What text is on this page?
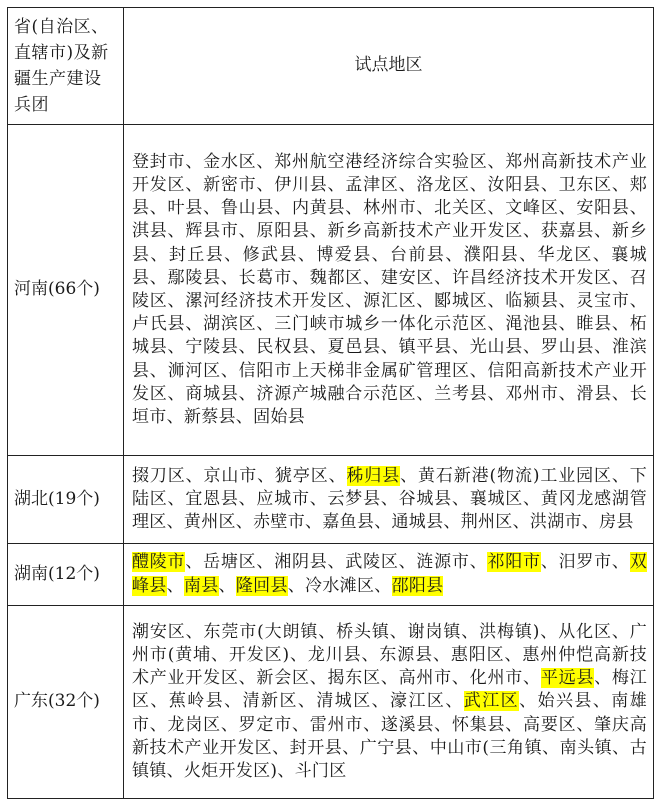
省(自治区、直辖市)及新疆生产建设兵团	试点地区
河南(66个)	登封市、金水区、郑州航空港经济综合实验区、郑州高新技术产业开发区、新密市、伊川县、孟津区、洛龙区、汝阳县、卫东区、郏县、叶县、鲁山县、内黄县、林州市、北关区、文峰区、安阳县、淇县、辉县市、原阳县、新乡高新技术产业开发区、获嘉县、新乡县、封丘县、修武县、博爱县、台前县、濮阳县、华龙区、襄城县、鄢陵县、长葛市、魏都区、建安区、许昌经济技术开发区、召陵区、漯河经济技术开发区、源汇区、郾城区、临颍县、灵宝市、卢氏县、湖滨区、三门峡市城乡一体化示范区、渑池县、睢县、柘城县、宁陵县、民权县、夏邑县、镇平县、光山县、罗山县、淮滨县、浉河区、信阳市上天梯非金属矿管理区、信阳高新技术产业开发区、商城县、济源产城融合示范区、兰考县、邓州市、滑县、长垣市、新蔡县、固始县
湖北(19个)	掇刀区、京山市、猇亭区、秭归县、黄石新港(物流)工业园区、下陆区、宜恩县、应城市、云梦县、谷城县、襄城区、黄冈龙感湖管理区、黄州区、赤壁市、嘉鱼县、通城县、荆州区、洪湖市、房县
湖南(12个)	醴陵市、岳塘区、湘阴县、武陵区、涟源市、祁阳市、汨罗市、双峰县、南县、隆回县、冷水滩区、邵阳县
广东(32个)	潮安区、东莞市(大朗镇、桥头镇、谢岗镇、洪梅镇)、从化区、广州市(黄埔、开发区)、龙川县、东源县、惠阳区、惠州仲恺高新技术产业开发区、新会区、揭东区、高州市、化州市、平远县、梅江区、蕉岭县、清新区、清城区、濠江区、武江区、始兴县、南雄市、龙岗区、罗定市、雷州市、遂溪县、怀集县、高要区、肇庆高新技术产业开发区、封开县、广宁县、中山市(三角镇、南头镇、古镇镇、火炬开发区)、斗门区
